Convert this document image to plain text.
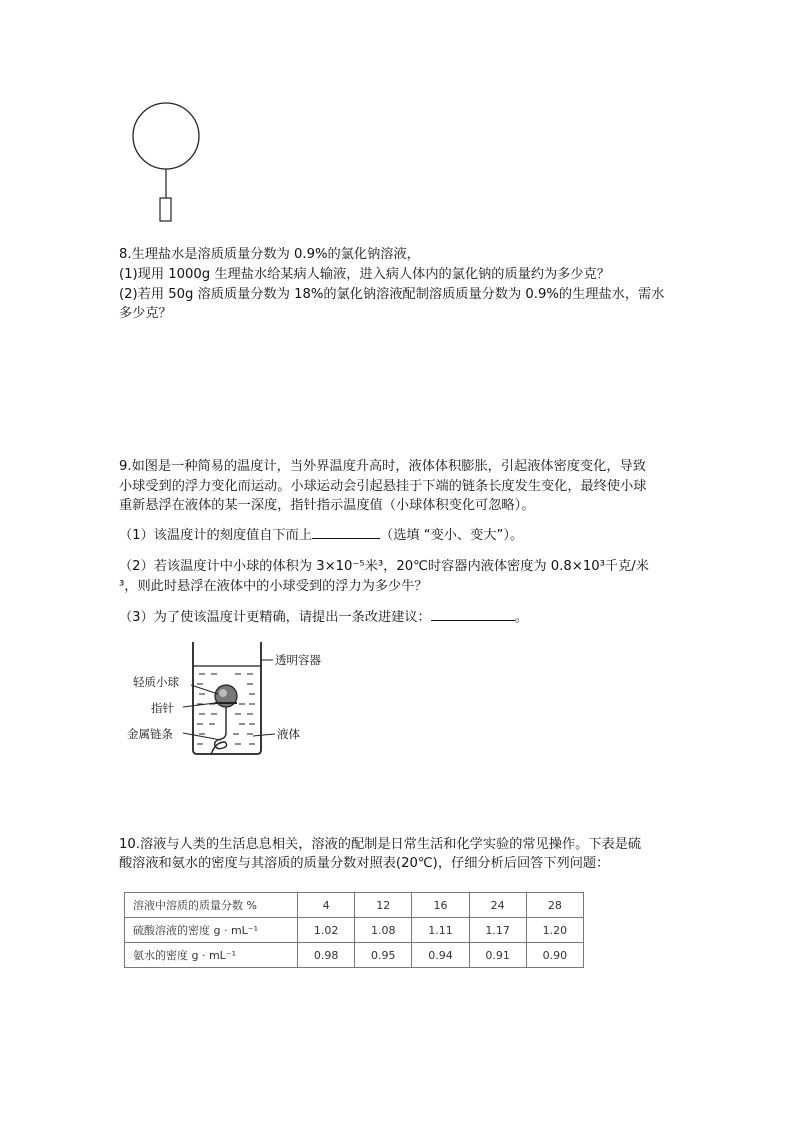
8.生理盐水是溶质质量分数为 0.9%的氯化钠溶液，
(1)现用 1000g 生理盐水给某病人输液，进入病人体内的氯化钠的质量约为多少克？
(2)若用 50g 溶质质量分数为 18%的氯化钠溶液配制溶质质量分数为 0.9%的生理盐水，需水
多少克？
9.如图是一种简易的温度计，当外界温度升高时，液体体积膨胀，引起液体密度变化，导致
小球受到的浮力变化而运动。小球运动会引起悬挂于下端的链条长度发生变化，最终使小球
重新悬浮在液体的某一深度，指针指示温度值（小球体积变化可忽略）。
（1）该温度计的刻度值自下而上	（选填 “变小、变大”）。
（2）若该温度计中小球的体积为 3×10⁻⁵米³，20℃时容器内液体密度为 0.8×10³千克/米
³，则此时悬浮在液体中的小球受到的浮力为多少牛？
（3）为了使该温度计更精确，请提出一条改进建议：	。
透明容器
轻质小球
指针
金属链条	液体
10.溶液与人类的生活息息相关，溶液的配制是日常生活和化学实验的常见操作。下表是硫
酸溶液和氨水的密度与其溶质的质量分数对照表(20℃)，仔细分析后回答下列问题：
溶液中溶质的质量分数 %	4	12	16	24	28
硫酸溶液的密度 g · mL⁻¹	1.02	1.08	1.11	1.17	1.20
氨水的密度 g · mL⁻¹	0.98	0.95	0.94	0.91	0.90
